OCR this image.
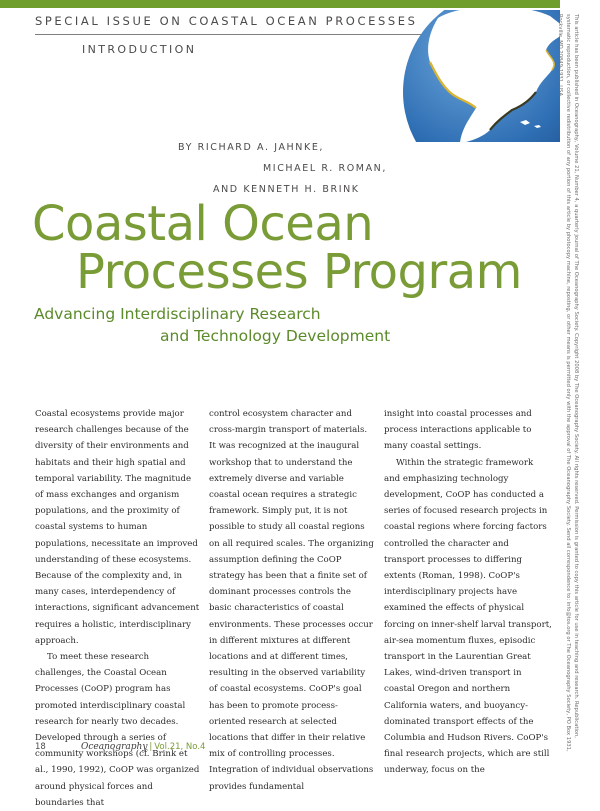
SPECIAL ISSUE ON COASTAL OCEAN PROCESSES
INTRODUCTION	This article has been published in Oceanography, Volume 21, Number 4, a quarterly journal of The Oceanography Society. Copyright 2008 by The Oceanography Society. All rights reserved. Permission is granted to copy this article for use in teaching and research. Republication, systematic reproduction, or collective redistribution of any portion of this article by photocopy machine, reposting, or other means is permitted only with the approval of The Oceanography Society. Send all correspondence to: info@tos.org or The Oceanography Society, PO Box 1931, Rockville, MD 20849-1931, USA.
BY RICHARD A. JAHNKE,
MICHAEL R. ROMAN,
AND KENNETH H. BRINK
Coastal Ocean
Processes Program
Advancing Interdisciplinary Research
and Technology Development

Coastal ecosystems provide major research challenges because of the diversity of their environments and habitats and their high spatial and temporal variability. The magnitude of mass exchanges and organism populations, and the proximity of coastal systems to human populations, necessitate an improved understanding of these ecosystems. Because of the complexity and, in many cases, interdependency of interactions, significant advancement requires a holistic, interdisciplinary approach.

To meet these research challenges, the Coastal Ocean Processes (CoOP) program has promoted interdisciplinary coastal research for nearly two decades. Developed through a series of community workshops (cf. Brink et al., 1990, 1992), CoOP was organized around physical forces and boundaries that

control ecosystem character and cross-margin transport of materials. It was recognized at the inaugural workshop that to understand the extremely diverse and variable coastal ocean requires a strategic framework. Simply put, it is not possible to study all coastal regions on all required scales. The organizing assumption defining the CoOP strategy has been that a finite set of dominant processes controls the basic characteristics of coastal environments. These processes occur in different mixtures at different locations and at different times, resulting in the observed variability of coastal ecosystems. CoOP's goal has been to promote process-oriented research at selected locations that differ in their relative mix of controlling processes. Integration of individual observations provides fundamental

insight into coastal processes and process interactions applicable to many coastal settings.

Within the strategic framework and emphasizing technology development, CoOP has conducted a series of focused research projects in coastal regions where forcing factors controlled the character and transport processes to differing extents (Roman, 1998). CoOP's interdisciplinary projects have examined the effects of physical forcing on inner-shelf larval transport, air-sea momentum fluxes, episodic transport in the Laurentian Great Lakes, wind-driven transport in coastal Oregon and northern California waters, and buoyancy-dominated transport effects of the Columbia and Hudson Rivers. CoOP's final research projects, which are still underway, focus on the

18	Oceanography | Vol.21, No.4
